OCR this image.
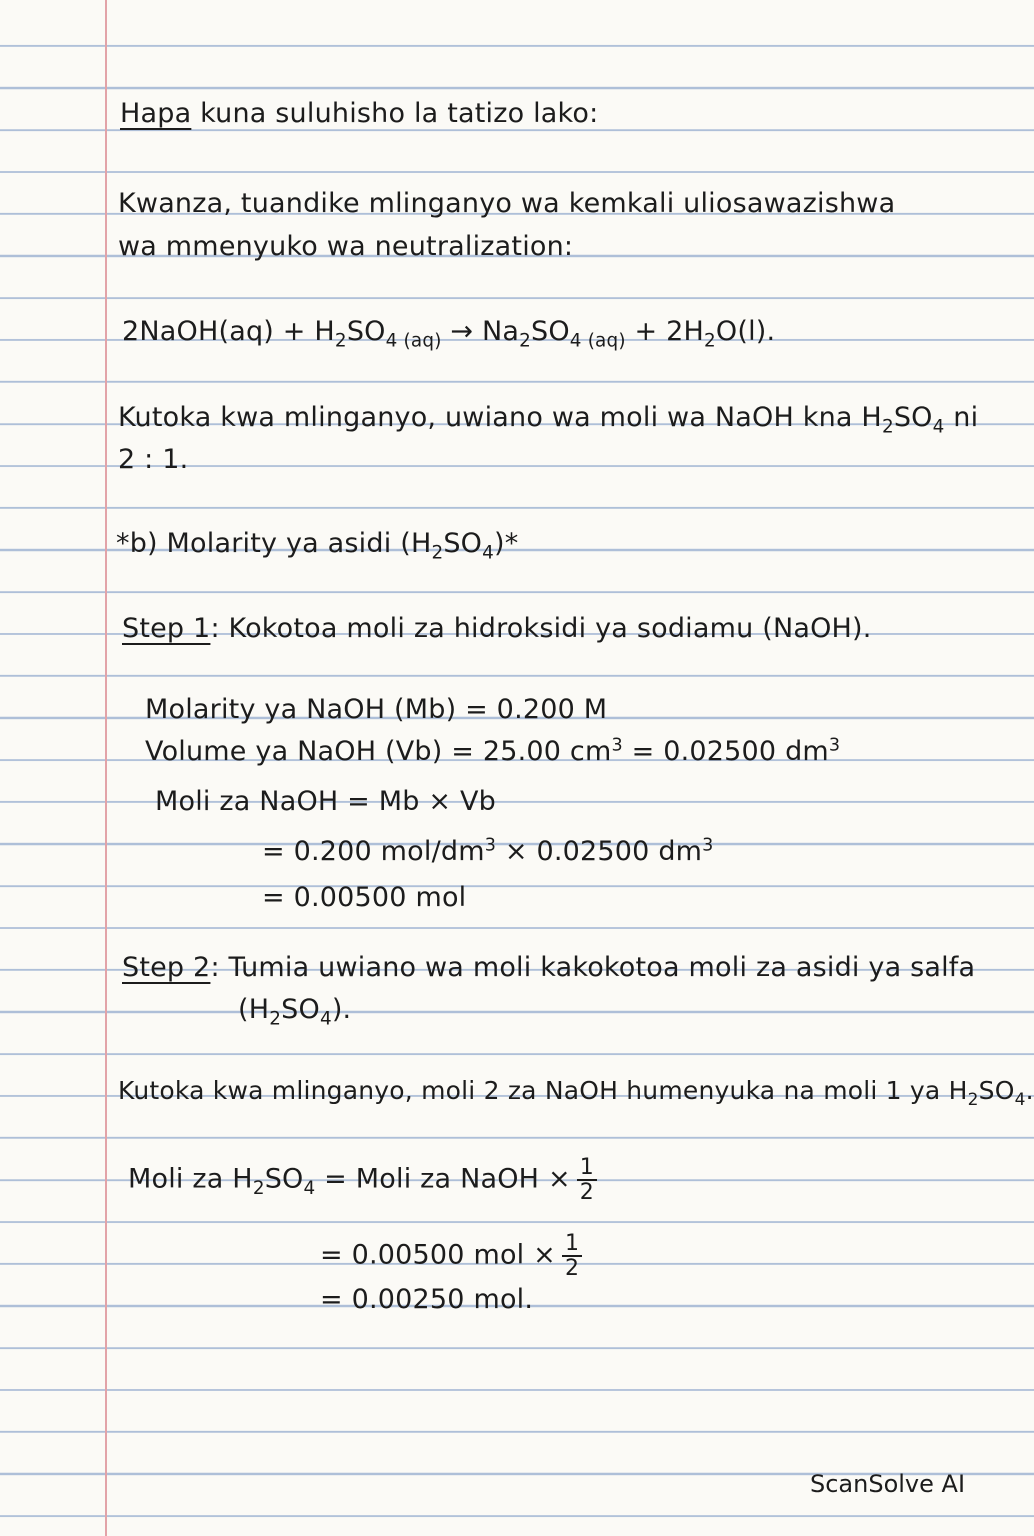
Hapa kuna suluhisho la tatizo lako:
Kwanza, tuandike mlinganyo wa kemkali uliosawazishwa
wa mmenyuko wa neutralization:
2NaOH(aq) + $H_2SO_{4 (aq)} \to Na_2SO_{4 (aq)} + 2H_2O(l)$.
Kutoka kwa mlinganyo, uwiano wa moli wa NaOH kna $H_2SO_4$ ni
2 : 1.
*b) Molarity ya asidi $(H_2SO_4)*$
Step 1: Kokotoa moli za hidroksidi ya sodiamu (NaOH).
Molarity ya NaOH (Mb) = 0.200 M
Volume ya NaOH (Vb) = 25.00 $cm^3 = 0.02500$ $dm^3$
Moli za NaOH = Mb × Vb
= 0.200 mol/$dm^3 \times 0.02500$ $dm^3$
= 0.00500 mol
Step 2: Tumia uwiano wa moli kakokotoa moli za asidi ya salfa
$(H_2SO_4)$.
Kutoka kwa mlinganyo, moli 2 za NaOH humenyuka na moli 1 ya $H_2SO_4$.
Moli za $H_2SO_4$ = Moli za NaOH × $\frac{1}{2}$
= 0.00500 mol × $\frac{1}{2}$
= 0.00250 mol.
ScanSolve AI
